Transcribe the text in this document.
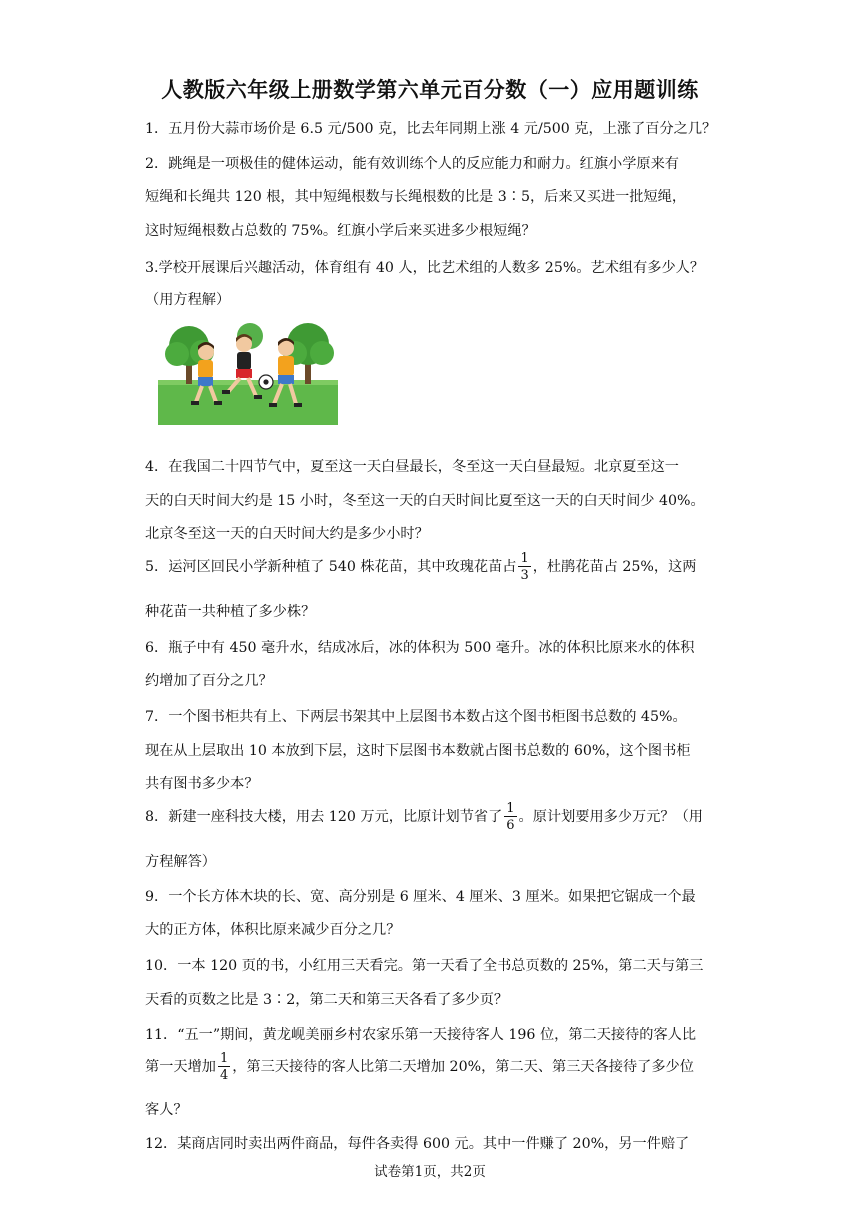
人教版六年级上册数学第六单元百分数（一）应用题训练
1．五月份大蒜市场价是 6.5 元/500 克，比去年同期上涨 4 元/500 克，上涨了百分之几？
2．跳绳是一项极佳的健体运动，能有效训练个人的反应能力和耐力。红旗小学原来有
短绳和长绳共 120 根，其中短绳根数与长绳根数的比是 3∶5，后来又买进一批短绳，
这时短绳根数占总数的 75%。红旗小学后来买进多少根短绳？
3.学校开展课后兴趣活动，体育组有 40 人，比艺术组的人数多 25%。艺术组有多少人？
（用方程解）
4．在我国二十四节气中，夏至这一天白昼最长，冬至这一天白昼最短。北京夏至这一
天的白天时间大约是 15 小时，冬至这一天的白天时间比夏至这一天的白天时间少 40%。
北京冬至这一天的白天时间大约是多少小时？
5．运河区回民小学新种植了 540 株花苗，其中玫瑰花苗占 $\frac{1}{3}$ ，杜鹃花苗占 25%，这两
种花苗一共种植了多少株？
6．瓶子中有 450 毫升水，结成冰后，冰的体积为 500 毫升。冰的体积比原来水的体积
约增加了百分之几？
7．一个图书柜共有上、下两层书架其中上层图书本数占这个图书柜图书总数的 45%。
现在从上层取出 10 本放到下层，这时下层图书本数就占图书总数的 60%，这个图书柜
共有图书多少本？
8．新建一座科技大楼，用去 120 万元，比原计划节省了 $\frac{1}{6}$ 。原计划要用多少万元？（用
方程解答）
9．一个长方体木块的长、宽、高分别是 6 厘米、4 厘米、3 厘米。如果把它锯成一个最
大的正方体，体积比原来减少百分之几？
10．一本 120 页的书，小红用三天看完。第一天看了全书总页数的 25%，第二天与第三
天看的页数之比是 3∶2，第二天和第三天各看了多少页？
11．“五一”期间，黄龙岘美丽乡村农家乐第一天接待客人 196 位，第二天接待的客人比
第一天增加 $\frac{1}{4}$ ，第三天接待的客人比第二天增加 20%，第二天、第三天各接待了多少位
客人？
12．某商店同时卖出两件商品，每件各卖得 600 元。其中一件赚了 20%，另一件赔了
试卷第1页，共2页
